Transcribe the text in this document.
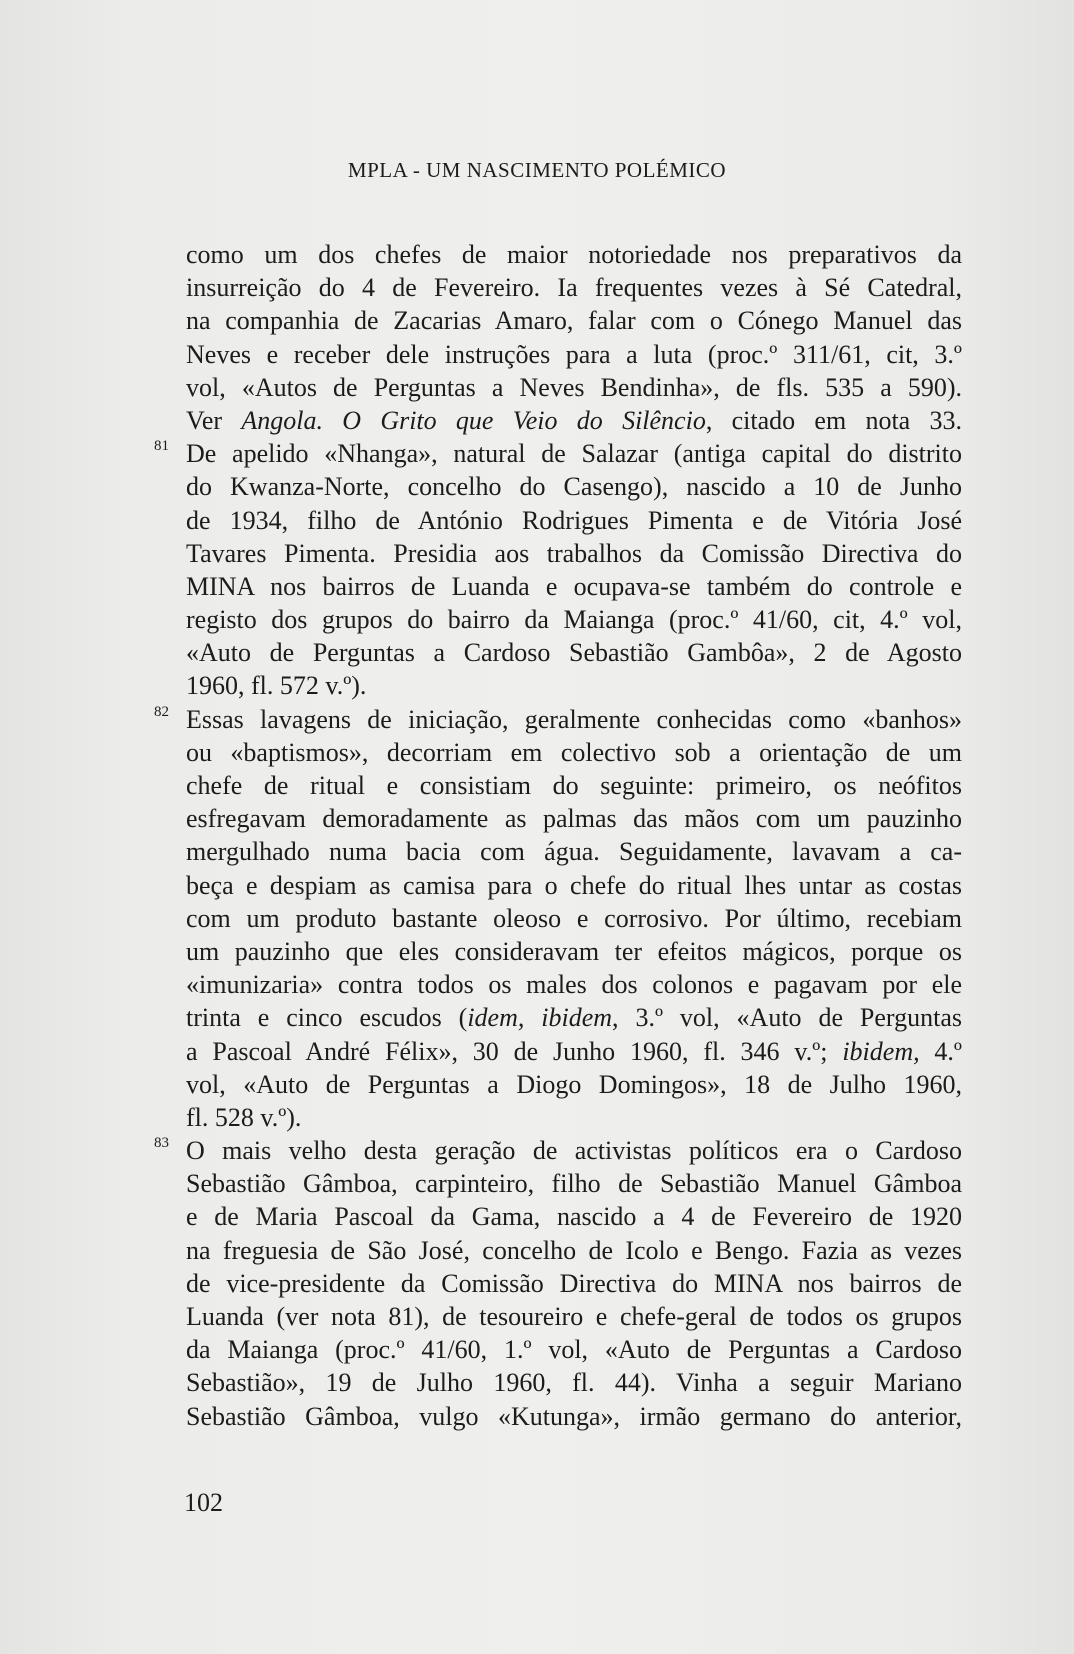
MPLA - UM NASCIMENTO POLÉMICO
como um dos chefes de maior notoriedade nos preparativos da
insurreição do 4 de Fevereiro. Ia frequentes vezes à Sé Catedral,
na companhia de Zacarias Amaro, falar com o Cónego Manuel das
Neves e receber dele instruções para a luta (proc.º 311/61, cit, 3.º
vol, «Autos de Perguntas a Neves Bendinha», de fls. 535 a 590).
Ver Angola. O Grito que Veio do Silêncio, citado em nota 33.
81 De apelido «Nhanga», natural de Salazar (antiga capital do distrito
do Kwanza-Norte, concelho do Casengo), nascido a 10 de Junho
de 1934, filho de António Rodrigues Pimenta e de Vitória José
Tavares Pimenta. Presidia aos trabalhos da Comissão Directiva do
MINA nos bairros de Luanda e ocupava-se também do controle e
registo dos grupos do bairro da Maianga (proc.º 41/60, cit, 4.º vol,
«Auto de Perguntas a Cardoso Sebastião Gambôa», 2 de Agosto
1960, fl. 572 v.º).
82 Essas lavagens de iniciação, geralmente conhecidas como «banhos»
ou «baptismos», decorriam em colectivo sob a orientação de um
chefe de ritual e consistiam do seguinte: primeiro, os neófitos
esfregavam demoradamente as palmas das mãos com um pauzinho
mergulhado numa bacia com água. Seguidamente, lavavam a ca-
beça e despiam as camisa para o chefe do ritual lhes untar as costas
com um produto bastante oleoso e corrosivo. Por último, recebiam
um pauzinho que eles consideravam ter efeitos mágicos, porque os
«imunizaria» contra todos os males dos colonos e pagavam por ele
trinta e cinco escudos (idem, ibidem, 3.º vol, «Auto de Perguntas
a Pascoal André Félix», 30 de Junho 1960, fl. 346 v.º; ibidem, 4.º
vol, «Auto de Perguntas a Diogo Domingos», 18 de Julho 1960,
fl. 528 v.º).
83 O mais velho desta geração de activistas políticos era o Cardoso
Sebastião Gâmboa, carpinteiro, filho de Sebastião Manuel Gâmboa
e de Maria Pascoal da Gama, nascido a 4 de Fevereiro de 1920
na freguesia de São José, concelho de Icolo e Bengo. Fazia as vezes
de vice-presidente da Comissão Directiva do MINA nos bairros de
Luanda (ver nota 81), de tesoureiro e chefe-geral de todos os grupos
da Maianga (proc.º 41/60, 1.º vol, «Auto de Perguntas a Cardoso
Sebastião», 19 de Julho 1960, fl. 44). Vinha a seguir Mariano
Sebastião Gâmboa, vulgo «Kutunga», irmão germano do anterior,
102
